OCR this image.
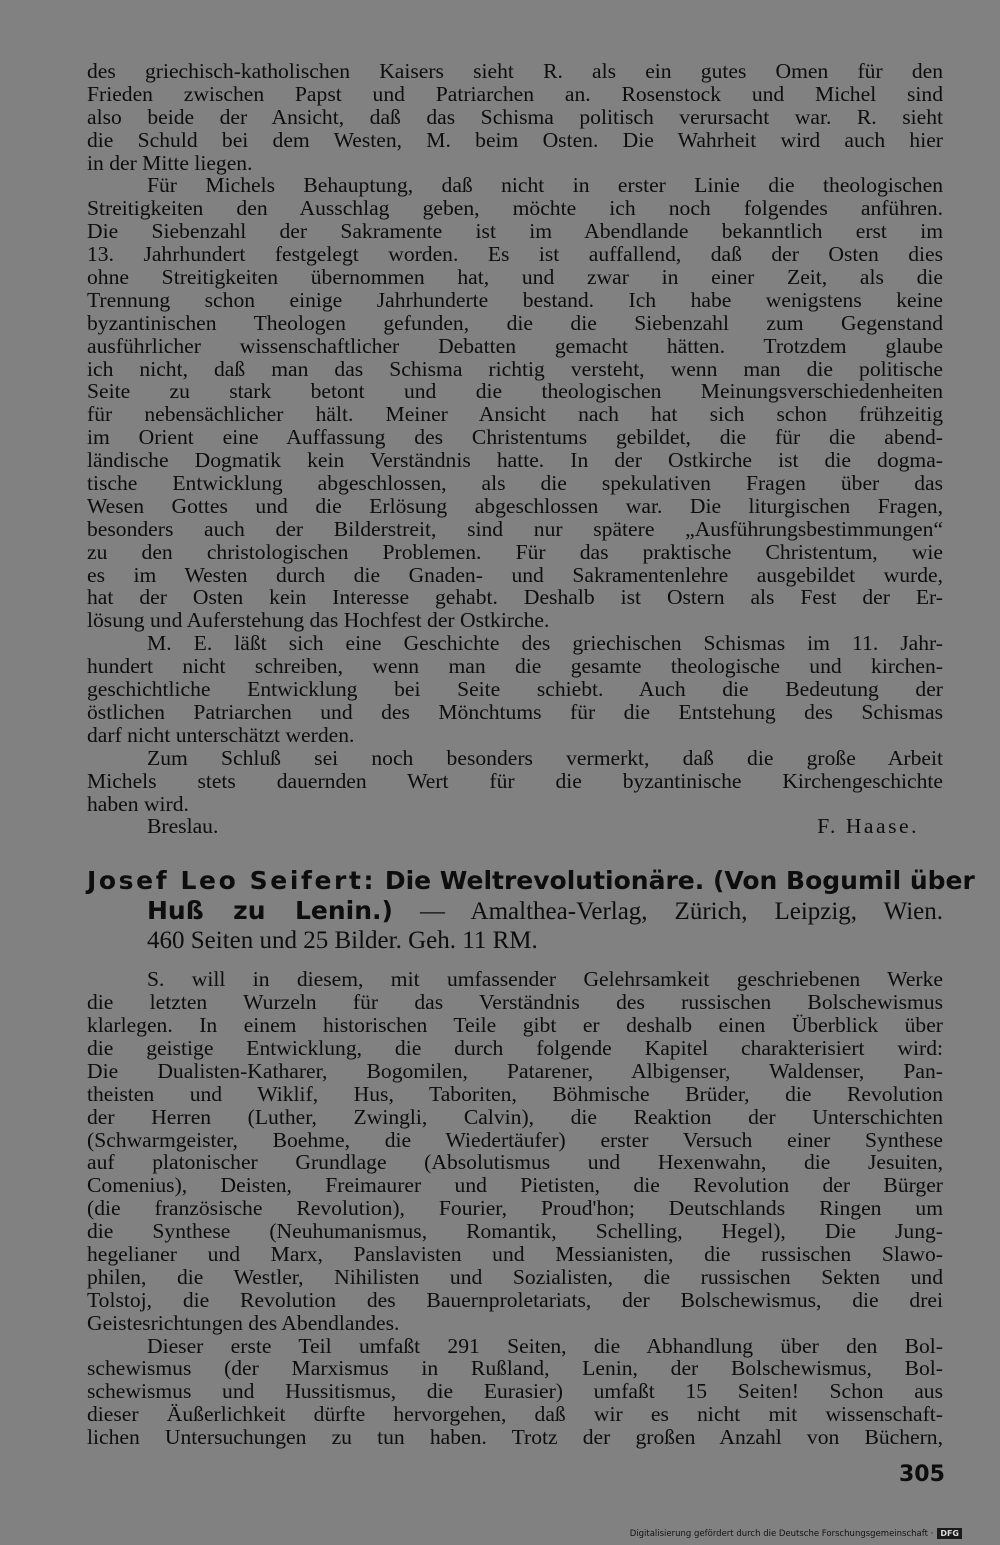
des griechisch-katholischen Kaisers sieht R. als ein gutes Omen für den
Frieden zwischen Papst und Patriarchen an. Rosenstock und Michel sind
also beide der Ansicht, daß das Schisma politisch verursacht war. R. sieht
die Schuld bei dem Westen, M. beim Osten. Die Wahrheit wird auch hier
in der Mitte liegen.
Für Michels Behauptung, daß nicht in erster Linie die theologischen
Streitigkeiten den Ausschlag geben, möchte ich noch folgendes anführen.
Die Siebenzahl der Sakramente ist im Abendlande bekanntlich erst im
13. Jahrhundert festgelegt worden. Es ist auffallend, daß der Osten dies
ohne Streitigkeiten übernommen hat, und zwar in einer Zeit, als die
Trennung schon einige Jahrhunderte bestand. Ich habe wenigstens keine
byzantinischen Theologen gefunden, die die Siebenzahl zum Gegenstand
ausführlicher wissenschaftlicher Debatten gemacht hätten. Trotzdem glaube
ich nicht, daß man das Schisma richtig versteht, wenn man die politische
Seite zu stark betont und die theologischen Meinungsverschiedenheiten
für nebensächlicher hält. Meiner Ansicht nach hat sich schon frühzeitig
im Orient eine Auffassung des Christentums gebildet, die für die abend-
ländische Dogmatik kein Verständnis hatte. In der Ostkirche ist die dogma-
tische Entwicklung abgeschlossen, als die spekulativen Fragen über das
Wesen Gottes und die Erlösung abgeschlossen war. Die liturgischen Fragen,
besonders auch der Bilderstreit, sind nur spätere „Ausführungsbestimmungen“
zu den christologischen Problemen. Für das praktische Christentum, wie
es im Westen durch die Gnaden- und Sakramentenlehre ausgebildet wurde,
hat der Osten kein Interesse gehabt. Deshalb ist Ostern als Fest der Er-
lösung und Auferstehung das Hochfest der Ostkirche.
M. E. läßt sich eine Geschichte des griechischen Schismas im 11. Jahr-
hundert nicht schreiben, wenn man die gesamte theologische und kirchen-
geschichtliche Entwicklung bei Seite schiebt. Auch die Bedeutung der
östlichen Patriarchen und des Mönchtums für die Entstehung des Schismas
darf nicht unterschätzt werden.
Zum Schluß sei noch besonders vermerkt, daß die große Arbeit
Michels stets dauernden Wert für die byzantinische Kirchengeschichte
haben wird.
Breslau.	F. Haase.
Josef Leo Seifert: Die Weltrevolutionäre. (Von Bogumil über
Huß zu Lenin.) — Amalthea-Verlag, Zürich, Leipzig, Wien.
460 Seiten und 25 Bilder. Geh. 11 RM.
S. will in diesem, mit umfassender Gelehrsamkeit geschriebenen Werke
die letzten Wurzeln für das Verständnis des russischen Bolschewismus
klarlegen. In einem historischen Teile gibt er deshalb einen Überblick über
die geistige Entwicklung, die durch folgende Kapitel charakterisiert wird:
Die Dualisten-Katharer, Bogomilen, Patarener, Albigenser, Waldenser, Pan-
theisten und Wiklif, Hus, Taboriten, Böhmische Brüder, die Revolution
der Herren (Luther, Zwingli, Calvin), die Reaktion der Unterschichten
(Schwarmgeister, Boehme, die Wiedertäufer) erster Versuch einer Synthese
auf platonischer Grundlage (Absolutismus und Hexenwahn, die Jesuiten,
Comenius), Deisten, Freimaurer und Pietisten, die Revolution der Bürger
(die französische Revolution), Fourier, Proud'hon; Deutschlands Ringen um
die Synthese (Neuhumanismus, Romantik, Schelling, Hegel), Die Jung-
hegelianer und Marx, Panslavisten und Messianisten, die russischen Slawo-
philen, die Westler, Nihilisten und Sozialisten, die russischen Sekten und
Tolstoj, die Revolution des Bauernproletariats, der Bolschewismus, die drei
Geistesrichtungen des Abendlandes.
Dieser erste Teil umfaßt 291 Seiten, die Abhandlung über den Bol-
schewismus (der Marxismus in Rußland, Lenin, der Bolschewismus, Bol-
schewismus und Hussitismus, die Eurasier) umfaßt 15 Seiten! Schon aus
dieser Äußerlichkeit dürfte hervorgehen, daß wir es nicht mit wissenschaft-
lichen Untersuchungen zu tun haben. Trotz der großen Anzahl von Büchern,
305
Digitalisierung gefördert durch die Deutsche Forschungsgemeinschaft · DFG
